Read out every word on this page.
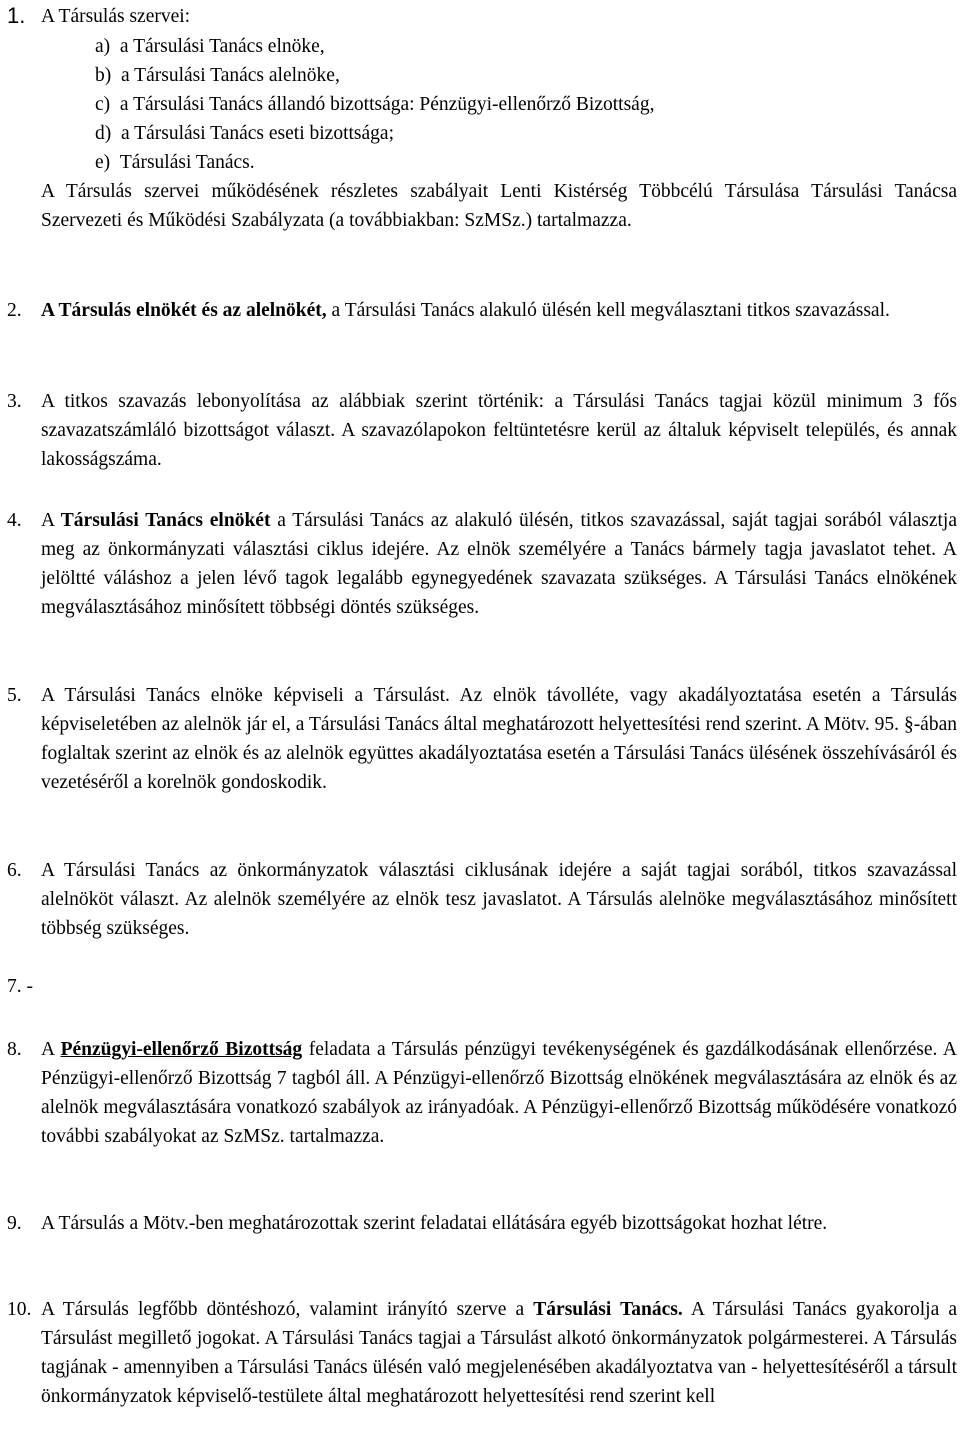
1. A Társulás szervei:
a)  a Társulási Tanács elnöke,
b)  a Társulási Tanács alelnöke,
c)  a Társulási Tanács állandó bizottsága: Pénzügyi-ellenőrző Bizottság,
d)  a Társulási Tanács eseti bizottsága;
e)  Társulási Tanács.
A Társulás szervei működésének részletes szabályait Lenti Kistérség Többcélú Társulása Társulási Tanácsa Szervezeti és Működési Szabályzata (a továbbiakban: SzMSz.) tartalmazza.
2. A Társulás elnökét és az alelnökét, a Társulási Tanács alakuló ülésén kell megválasztani titkos szavazással.
3. A titkos szavazás lebonyolítása az alábbiak szerint történik: a Társulási Tanács tagjai közül minimum 3 fős szavazatszámláló bizottságot választ. A szavazólapokon feltüntetésre kerül az általuk képviselt település, és annak lakosságszáma.
4. A Társulási Tanács elnökét a Társulási Tanács az alakuló ülésén, titkos szavazással, saját tagjai sorából választja meg az önkormányzati választási ciklus idejére. Az elnök személyére a Tanács bármely tagja javaslatot tehet. A jelöltté váláshoz a jelen lévő tagok legalább egynegyedének szavazata szükséges. A Társulási Tanács elnökének megválasztásához minősített többségi döntés szükséges.
5. A Társulási Tanács elnöke képviseli a Társulást. Az elnök távolléte, vagy akadályoztatása esetén a Társulás képviseletében az alelnök jár el, a Társulási Tanács által meghatározott helyettesítési rend szerint. A Mötv. 95. §-ában foglaltak szerint az elnök és az alelnök együttes akadályoztatása esetén a Társulási Tanács ülésének összehívásáról és vezetéséről a korelnök gondoskodik.
6. A Társulási Tanács az önkormányzatok választási ciklusának idejére a saját tagjai sorából, titkos szavazással alelnököt választ. Az alelnök személyére az elnök tesz javaslatot. A Társulás alelnöke megválasztásához minősített többség szükséges.
7. -
8. A Pénzügyi-ellenőrző Bizottság feladata a Társulás pénzügyi tevékenységének és gazdálkodásának ellenőrzése. A Pénzügyi-ellenőrző Bizottság 7 tagból áll. A Pénzügyi-ellenőrző Bizottság elnökének megválasztására az elnök és az alelnök megválasztására vonatkozó szabályok az irányadóak. A Pénzügyi-ellenőrző Bizottság működésére vonatkozó további szabályokat az SzMSz. tartalmazza.
9. A Társulás a Mötv.-ben meghatározottak szerint feladatai ellátására egyéb bizottságokat hozhat létre.
10. A Társulás legfőbb döntéshozó, valamint irányító szerve a Társulási Tanács. A Társulási Tanács gyakorolja a Társulást megillető jogokat. A Társulási Tanács tagjai a Társulást alkotó önkormányzatok polgármesterei. A Társulás tagjának - amennyiben a Társulási Tanács ülésén való megjelenésében akadályoztatva van - helyettesítéséről a társult önkormányzatok képviselő-testülete által meghatározott helyettesítési rend szerint kell
